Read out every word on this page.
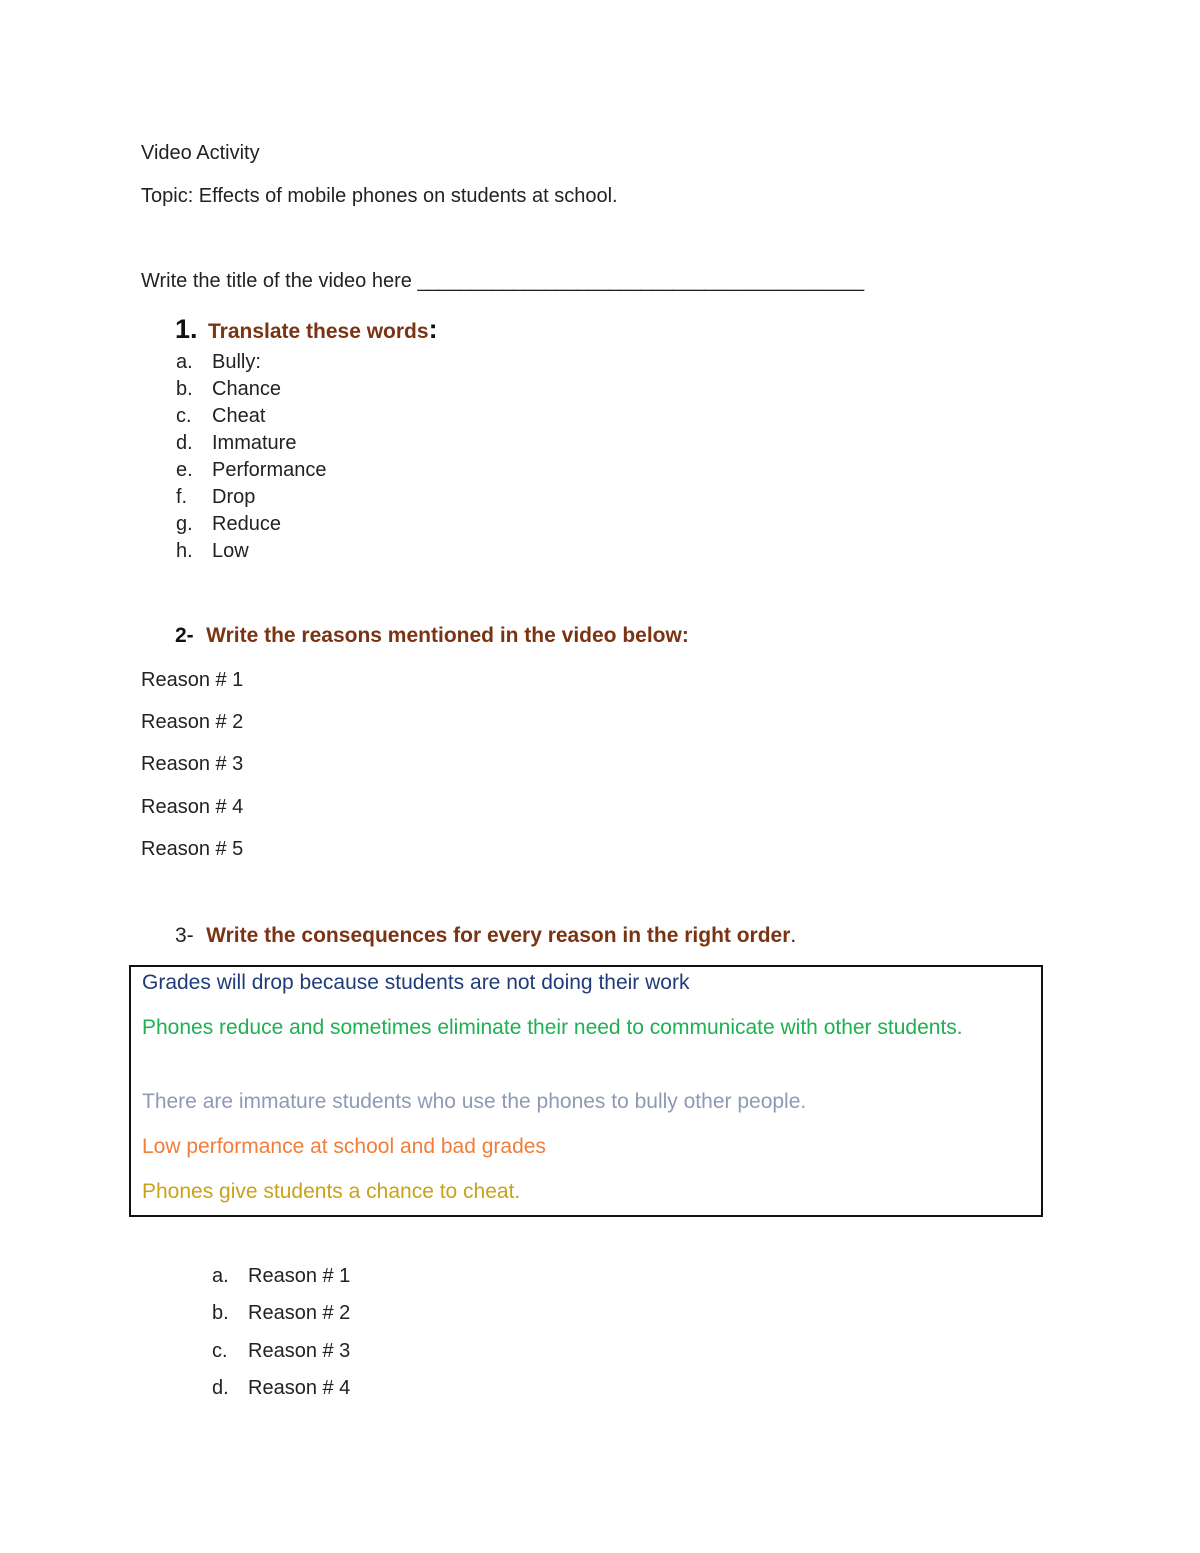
Video Activity
Topic: Effects of mobile phones on students at school.
Write the title of the video here __________________________________________
1. Translate these words:
a. Bully:
b. Chance
c.	Cheat
d. Immature
e. Performance
f.	Drop
g. Reduce
h. Low
2- Write the reasons mentioned in the video below:
Reason # 1
Reason # 2
Reason # 3
Reason # 4
Reason # 5
3- Write the consequences for every reason in the right order.

Grades will drop because students are not doing their work

Phones reduce and sometimes eliminate their need to communicate with other students.

There are immature students who use the phones to bully other people.

Low performance at school and bad grades

Phones give students a chance to cheat.

a. Reason # 1
b. Reason # 2
c.	Reason # 3
d. Reason # 4
